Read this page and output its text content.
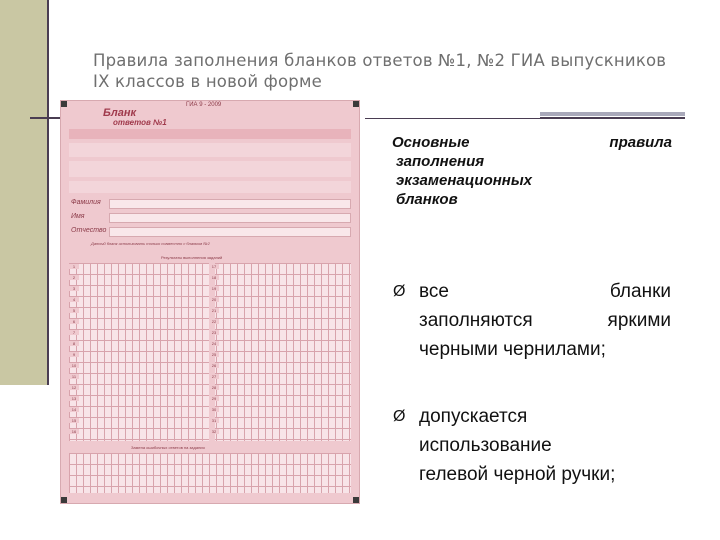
Правила заполнения бланков ответов №1, №2 ГИА выпускников
IX классов в новой форме
ГИА 9 - 2009
Бланк
ответов №1
Фамилия
Имя
Отчество
Данный бланк использовать только совместно с бланком №2
Результаты выполнения заданий
1
2
3
4
5
6
7
8
9
10
11
12
13
14
15
16
17
18
19
20
21
22
23
24
25
26
27
28
29
30
31
32
Замена ошибочных ответов на задания
Основные	правила
заполнения
экзаменационных
бланков
Ø все	бланки
заполняются	яркими
черными чернилами;
Ø допускается
использование
гелевой черной ручки;
